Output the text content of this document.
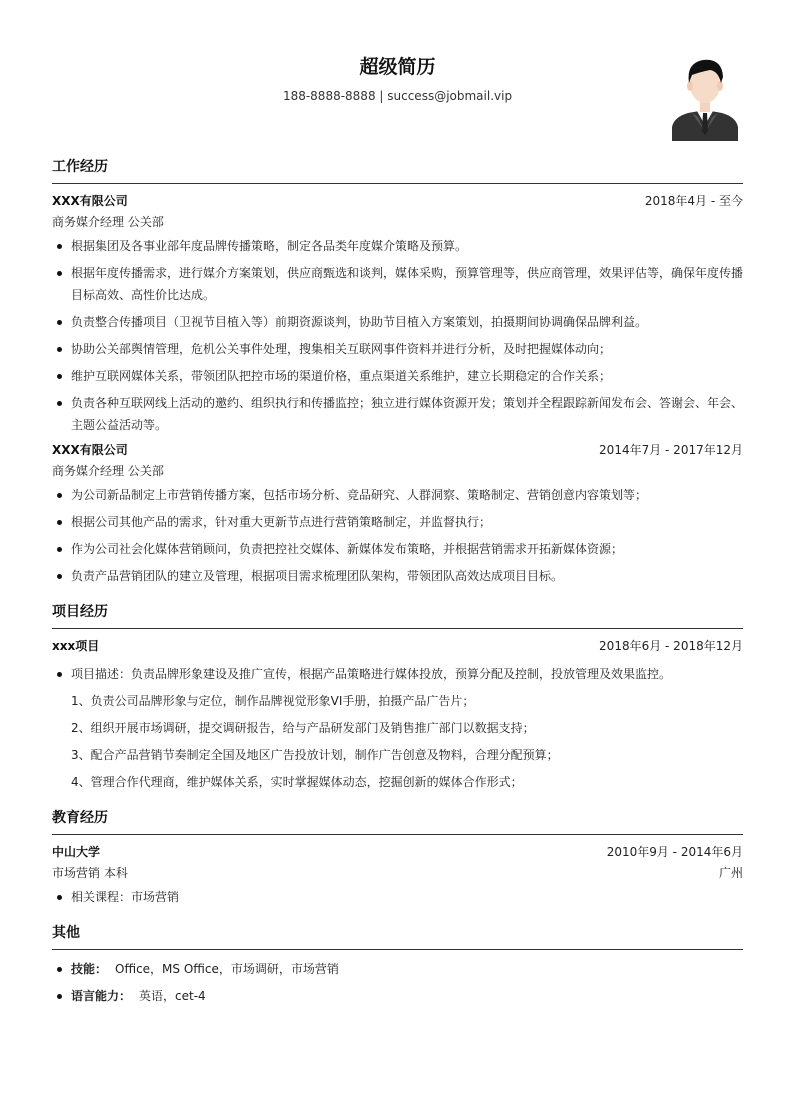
超级简历
188-8888-8888 | success@jobmail.vip
工作经历
XXX有限公司	2018年4月 - 至今
商务媒介经理 公关部
根据集团及各事业部年度品牌传播策略，制定各品类年度媒介策略及预算。
根据年度传播需求，进行媒介方案策划，供应商甄选和谈判，媒体采购，预算管理等，供应商管理，效果评估等，确保年度传播目标高效、高性价比达成。
负责整合传播项目（卫视节目植入等）前期资源谈判，协助节目植入方案策划，拍摄期间协调确保品牌利益。
协助公关部舆情管理，危机公关事件处理，搜集相关互联网事件资料并进行分析，及时把握媒体动向；
维护互联网媒体关系，带领团队把控市场的渠道价格，重点渠道关系维护，建立长期稳定的合作关系；
负责各种互联网线上活动的邀约、组织执行和传播监控；独立进行媒体资源开发；策划并全程跟踪新闻发布会、答谢会、年会、主题公益活动等。
XXX有限公司	2014年7月 - 2017年12月
商务媒介经理 公关部
为公司新品制定上市营销传播方案，包括市场分析、竞品研究、人群洞察、策略制定、营销创意内容策划等；
根据公司其他产品的需求，针对重大更新节点进行营销策略制定，并监督执行；
作为公司社会化媒体营销顾问，负责把控社交媒体、新媒体发布策略，并根据营销需求开拓新媒体资源；
负责产品营销团队的建立及管理，根据项目需求梳理团队架构，带领团队高效达成项目目标。
项目经历
xxx项目	2018年6月 - 2018年12月
项目描述：负责品牌形象建设及推广宣传，根据产品策略进行媒体投放，预算分配及控制，投放管理及效果监控。
1、负责公司品牌形象与定位，制作品牌视觉形象VI手册，拍摄产品广告片；
2、组织开展市场调研，提交调研报告，给与产品研发部门及销售推广部门以数据支持；
3、配合产品营销节奏制定全国及地区广告投放计划，制作广告创意及物料，合理分配预算；
4、管理合作代理商，维护媒体关系，实时掌握媒体动态，挖掘创新的媒体合作形式；
教育经历
中山大学	2010年9月 - 2014年6月
市场营销 本科	广州
相关课程：市场营销
其他
技能： Office，MS Office，市场调研，市场营销
语言能力： 英语，cet-4
